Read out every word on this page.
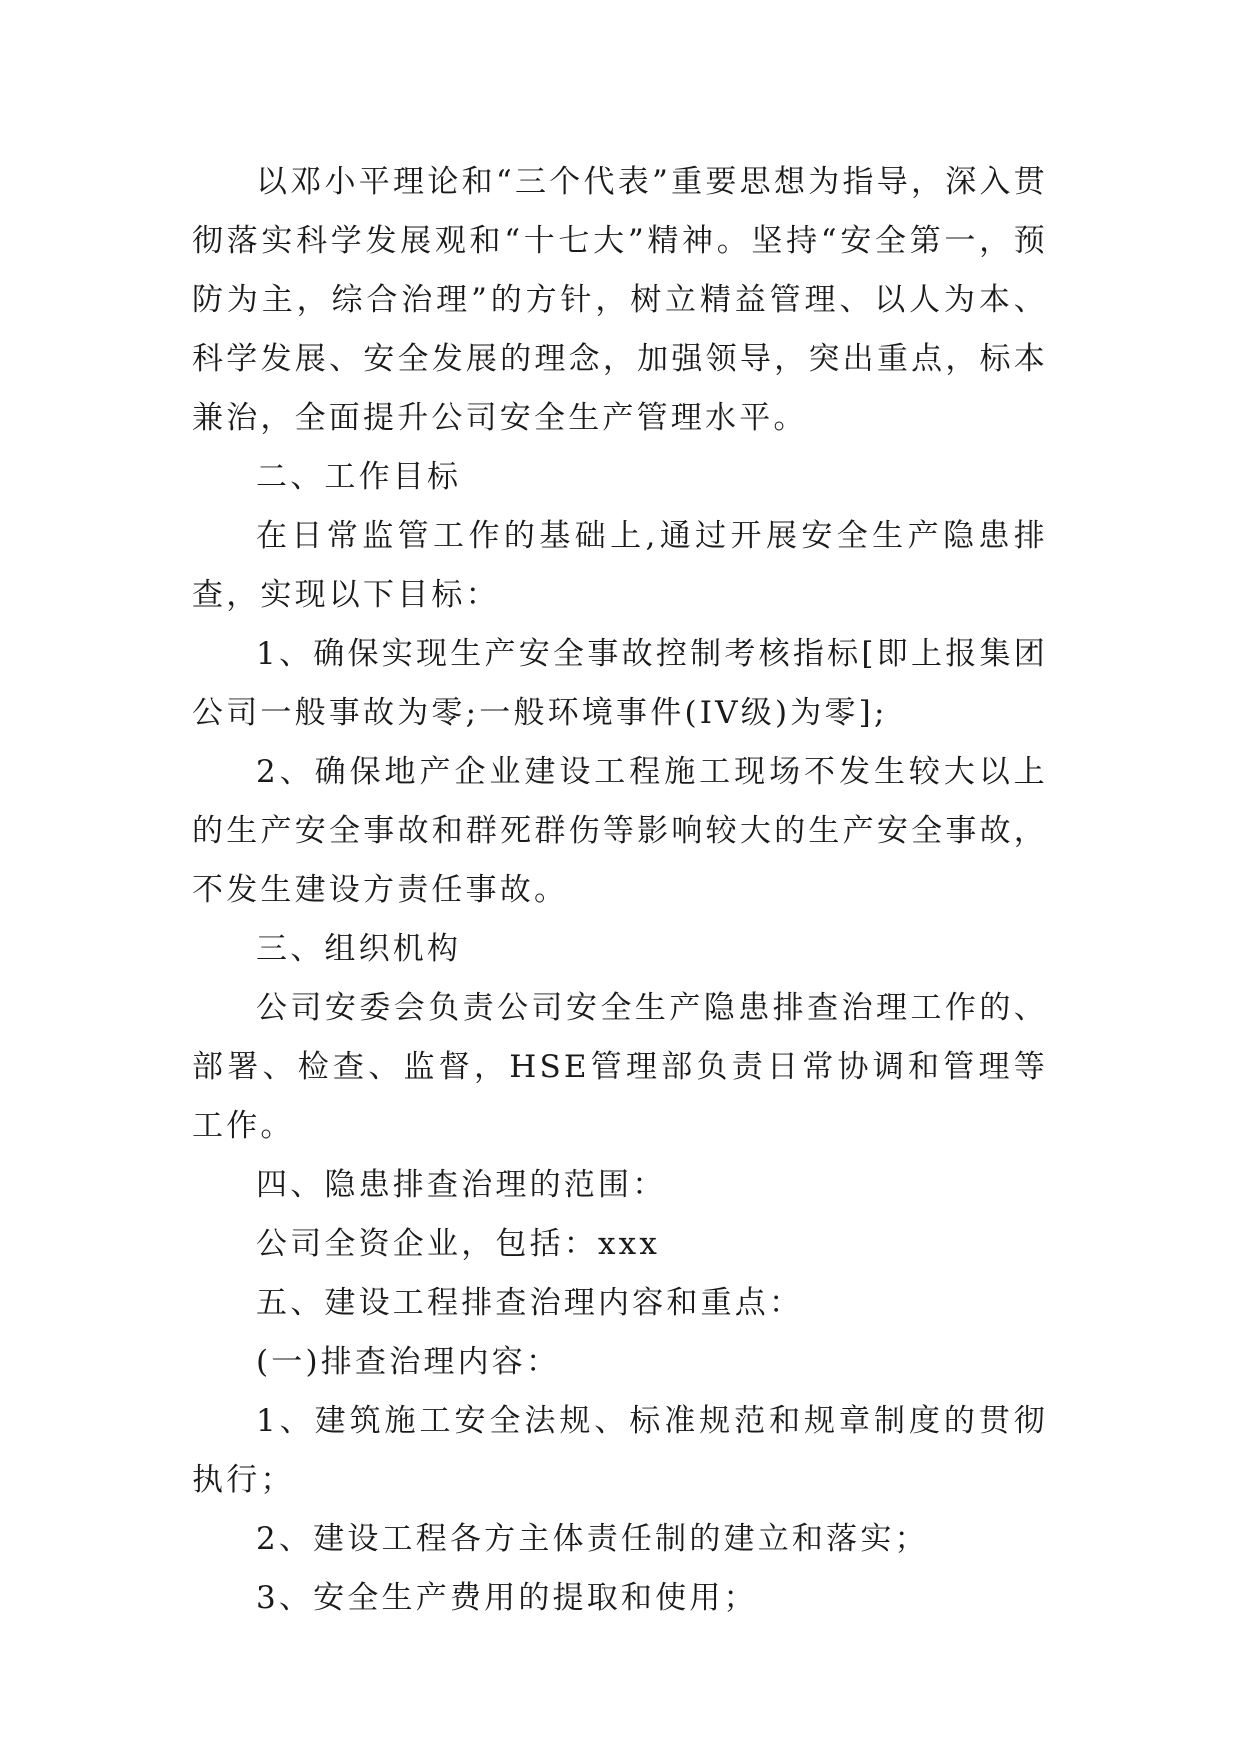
以邓小平理论和“三个代表”重要思想为指导，深入贯彻落实科学发展观和“十七大”精神。坚持“安全第一，预防为主，综合治理”的方针，树立精益管理、以人为本、科学发展、安全发展的理念，加强领导，突出重点，标本兼治，全面提升公司安全生产管理水平。

二、工作目标

在日常监管工作的基础上,通过开展安全生产隐患排查，实现以下目标：

1、确保实现生产安全事故控制考核指标[即上报集团公司一般事故为零;一般环境事件(IV级)为零];

2、确保地产企业建设工程施工现场不发生较大以上的生产安全事故和群死群伤等影响较大的生产安全事故，不发生建设方责任事故。

三、组织机构

公司安委会负责公司安全生产隐患排查治理工作的、部署、检查、监督，HSE管理部负责日常协调和管理等工作。

四、隐患排查治理的范围：

公司全资企业，包括：xxx

五、建设工程排查治理内容和重点：

(一)排查治理内容：

1、建筑施工安全法规、标准规范和规章制度的贯彻执行；

2、建设工程各方主体责任制的建立和落实；

3、安全生产费用的提取和使用；
